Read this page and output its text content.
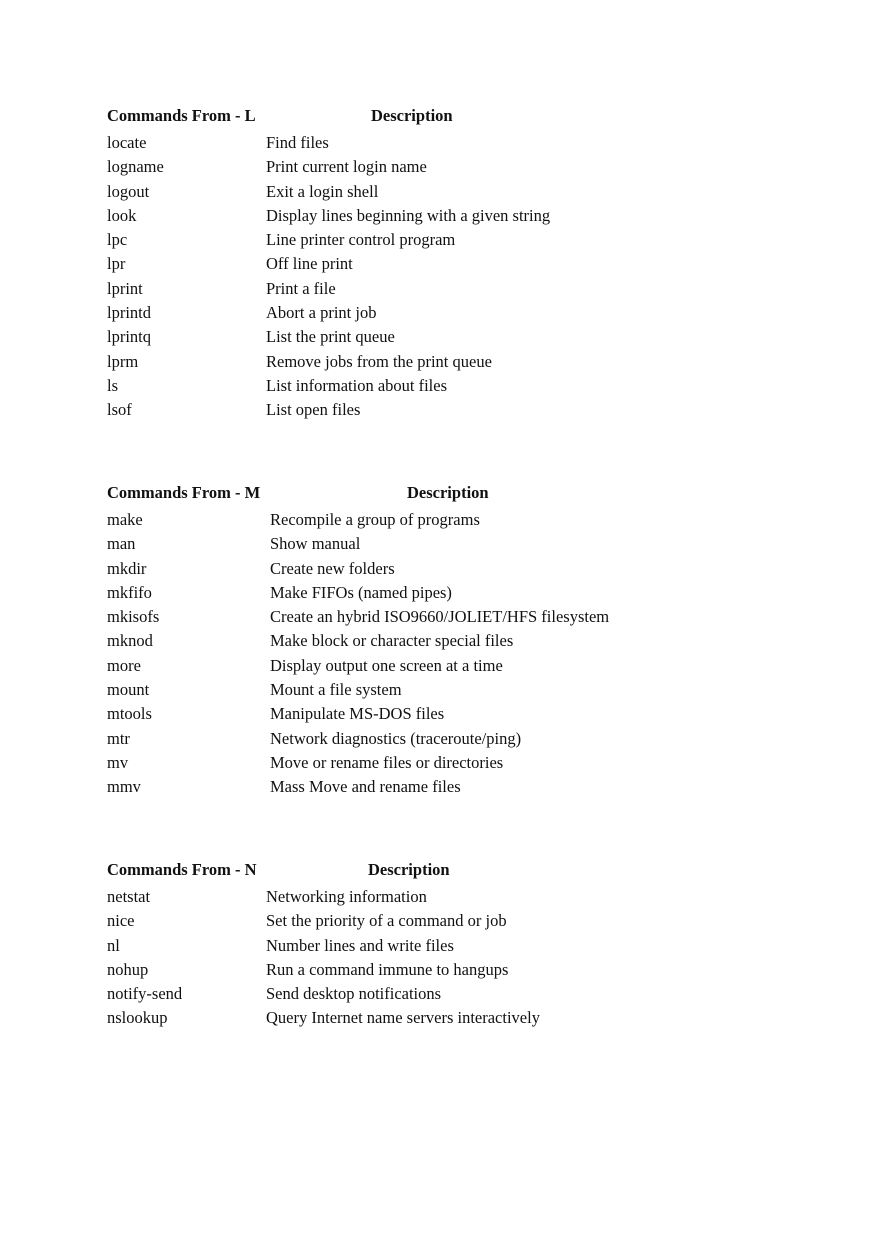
Commands From - L	Description
locate	Find files
logname	Print current login name
logout	Exit a login shell
look	Display lines beginning with a given string
lpc	Line printer control program
lpr	Off line print
lprint	Print a file
lprintd	Abort a print job
lprintq	List the print queue
lprm	Remove jobs from the print queue
ls	List information about files
lsof	List open files
Commands From - M	Description
make	Recompile a group of programs
man	Show manual
mkdir	Create new folders
mkfifo	Make FIFOs (named pipes)
mkisofs	Create an hybrid ISO9660/JOLIET/HFS filesystem
mknod	Make block or character special files
more	Display output one screen at a time
mount	Mount a file system
mtools	Manipulate MS-DOS files
mtr	Network diagnostics (traceroute/ping)
mv	Move or rename files or directories
mmv	Mass Move and rename files
Commands From - N	Description
netstat	Networking information
nice	Set the priority of a command or job
nl	Number lines and write files
nohup	Run a command immune to hangups
notify-send	Send desktop notifications
nslookup	Query Internet name servers interactively
